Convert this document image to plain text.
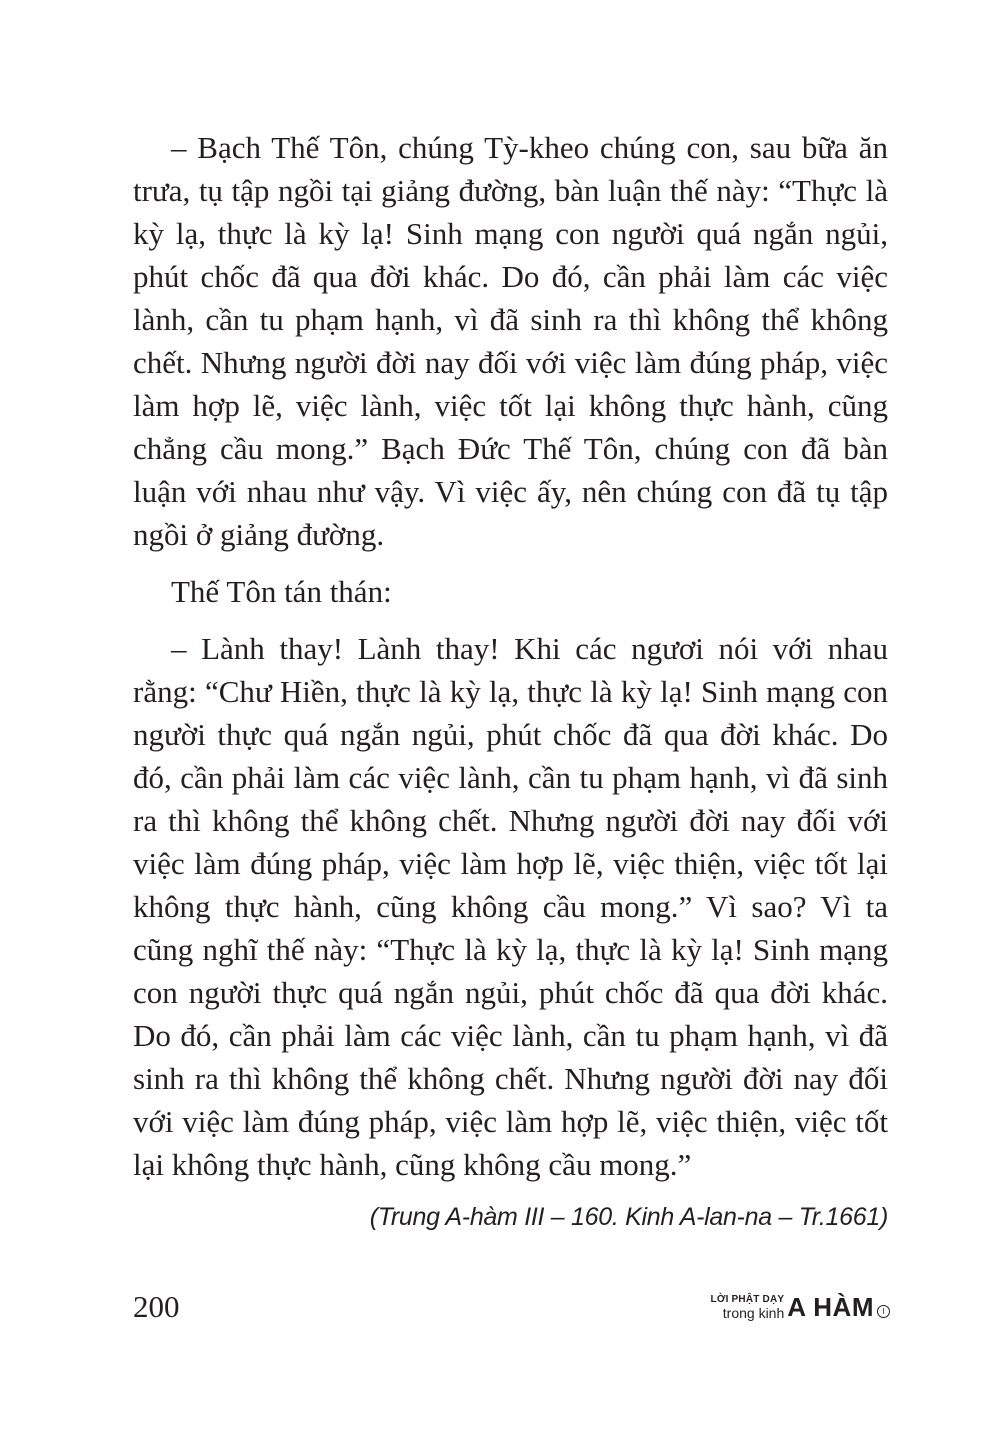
– Bạch Thế Tôn, chúng Tỳ-kheo chúng con, sau bữa ăn trưa, tụ tập ngồi tại giảng đường, bàn luận thế này: “Thực là kỳ lạ, thực là kỳ lạ! Sinh mạng con người quá ngắn ngủi, phút chốc đã qua đời khác. Do đó, cần phải làm các việc lành, cần tu phạm hạnh, vì đã sinh ra thì không thể không chết. Nhưng người đời nay đối với việc làm đúng pháp, việc làm hợp lẽ, việc lành, việc tốt lại không thực hành, cũng chẳng cầu mong.” Bạch Đức Thế Tôn, chúng con đã bàn luận với nhau như vậy. Vì việc ấy, nên chúng con đã tụ tập ngồi ở giảng đường.

Thế Tôn tán thán:

– Lành thay! Lành thay! Khi các ngươi nói với nhau rằng: “Chư Hiền, thực là kỳ lạ, thực là kỳ lạ! Sinh mạng con người thực quá ngắn ngủi, phút chốc đã qua đời khác. Do đó, cần phải làm các việc lành, cần tu phạm hạnh, vì đã sinh ra thì không thể không chết. Nhưng người đời nay đối với việc làm đúng pháp, việc làm hợp lẽ, việc thiện, việc tốt lại không thực hành, cũng không cầu mong.” Vì sao? Vì ta cũng nghĩ thế này: “Thực là kỳ lạ, thực là kỳ lạ! Sinh mạng con người thực quá ngắn ngủi, phút chốc đã qua đời khác. Do đó, cần phải làm các việc lành, cần tu phạm hạnh, vì đã sinh ra thì không thể không chết. Nhưng người đời nay đối với việc làm đúng pháp, việc làm hợp lẽ, việc thiện, việc tốt lại không thực hành, cũng không cầu mong.”

(Trung A-hàm III – 160. Kinh A-lan-na – Tr.1661)

200	LỜI PHẬT DẠY
trong kinh A HÀM	I
